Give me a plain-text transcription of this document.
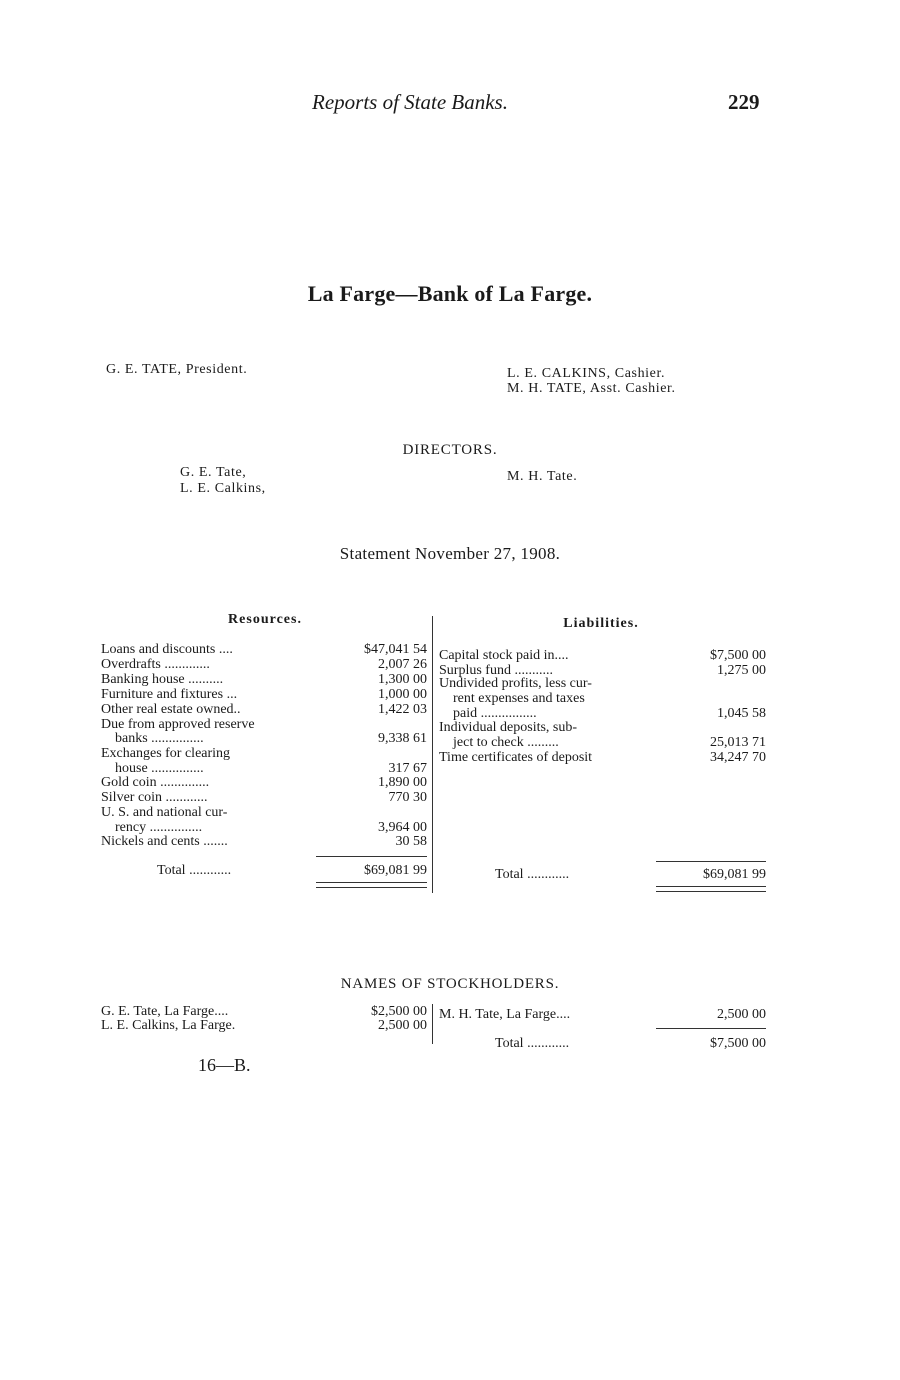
Reports of State Banks.	229
La Farge—Bank of La Farge.
G. E. TATE, President.	L. E. CALKINS, Cashier.
M. H. TATE, Asst. Cashier.
DIRECTORS.
G. E. Tate,
L. E. Calkins,
M. H. Tate.
Statement November 27, 1908.
Resources.	Liabilities.
Loans and discounts ....	$47,041 54
Overdrafts .............	2,007 26
Banking house ..........	1,300 00
Furniture and fixtures ...	1,000 00
Other real estate owned..	1,422 03
Due from approved reserve
banks ...............	9,338 61
Exchanges for clearing
house ...............	317 67
Gold coin ..............	1,890 00
Silver coin ............	770 30
U. S. and national cur-
rency ...............	3,964 00
Nickels and cents .......	30 58
Total ............	$69,081 99
Capital stock paid in....	$7,500 00
Surplus fund ...........	1,275 00
Undivided profits, less cur-
rent expenses and taxes
paid ................	1,045 58
Individual deposits, sub-
ject to check .........	25,013 71
Time certificates of deposit	34,247 70
Total ............	$69,081 99
NAMES OF STOCKHOLDERS.
G. E. Tate, La Farge....	$2,500 00
L. E. Calkins, La Farge.	2,500 00
M. H. Tate, La Farge....	2,500 00
Total ............	$7,500 00
16—B.
